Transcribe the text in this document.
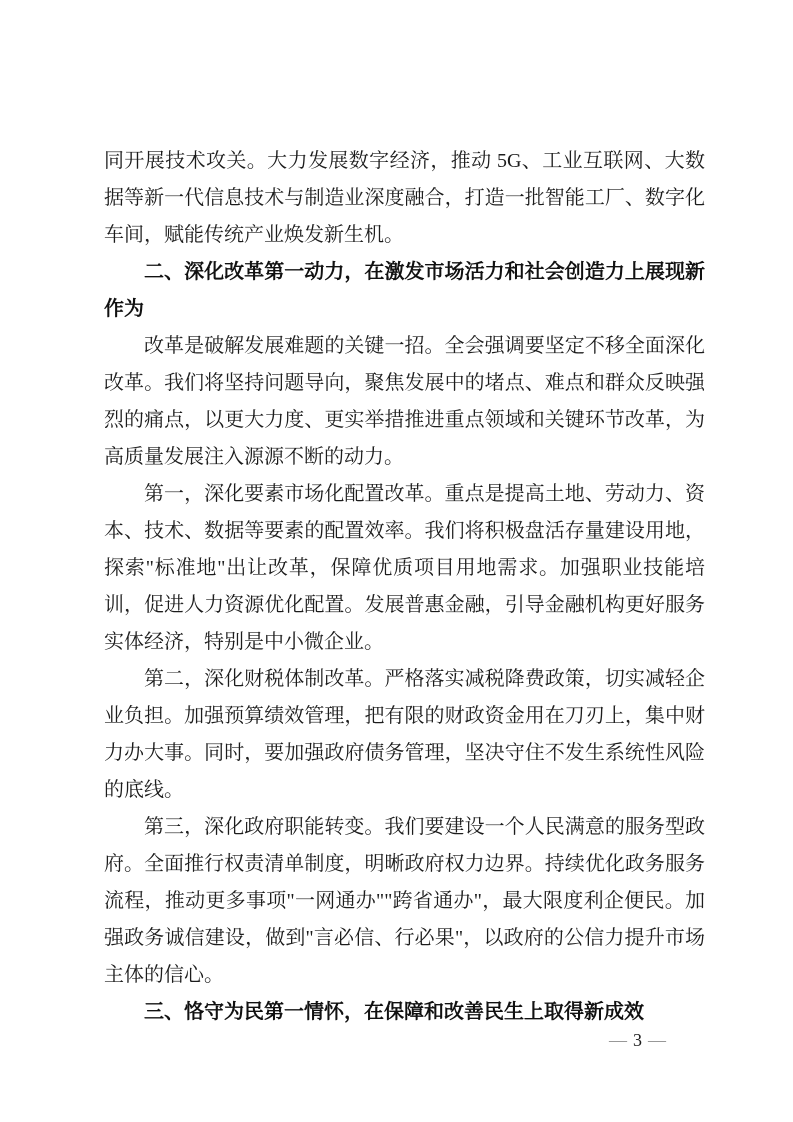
同开展技术攻关。大力发展数字经济，推动 5G、工业互联网、大数据等新一代信息技术与制造业深度融合，打造一批智能工厂、数字化车间，赋能传统产业焕发新生机。

二、深化改革第一动力，在激发市场活力和社会创造力上展现新作为

改革是破解发展难题的关键一招。全会强调要坚定不移全面深化改革。我们将坚持问题导向，聚焦发展中的堵点、难点和群众反映强烈的痛点，以更大力度、更实举措推进重点领域和关键环节改革，为高质量发展注入源源不断的动力。

第一，深化要素市场化配置改革。重点是提高土地、劳动力、资本、技术、数据等要素的配置效率。我们将积极盘活存量建设用地，探索"标准地"出让改革，保障优质项目用地需求。加强职业技能培训，促进人力资源优化配置。发展普惠金融，引导金融机构更好服务实体经济，特别是中小微企业。

第二，深化财税体制改革。严格落实减税降费政策，切实减轻企业负担。加强预算绩效管理，把有限的财政资金用在刀刃上，集中财力办大事。同时，要加强政府债务管理，坚决守住不发生系统性风险的底线。

第三，深化政府职能转变。我们要建设一个人民满意的服务型政府。全面推行权责清单制度，明晰政府权力边界。持续优化政务服务流程，推动更多事项"一网通办""跨省通办"，最大限度利企便民。加强政务诚信建设，做到"言必信、行必果"，以政府的公信力提升市场主体的信心。

三、恪守为民第一情怀，在保障和改善民生上取得新成效
— 3 —
